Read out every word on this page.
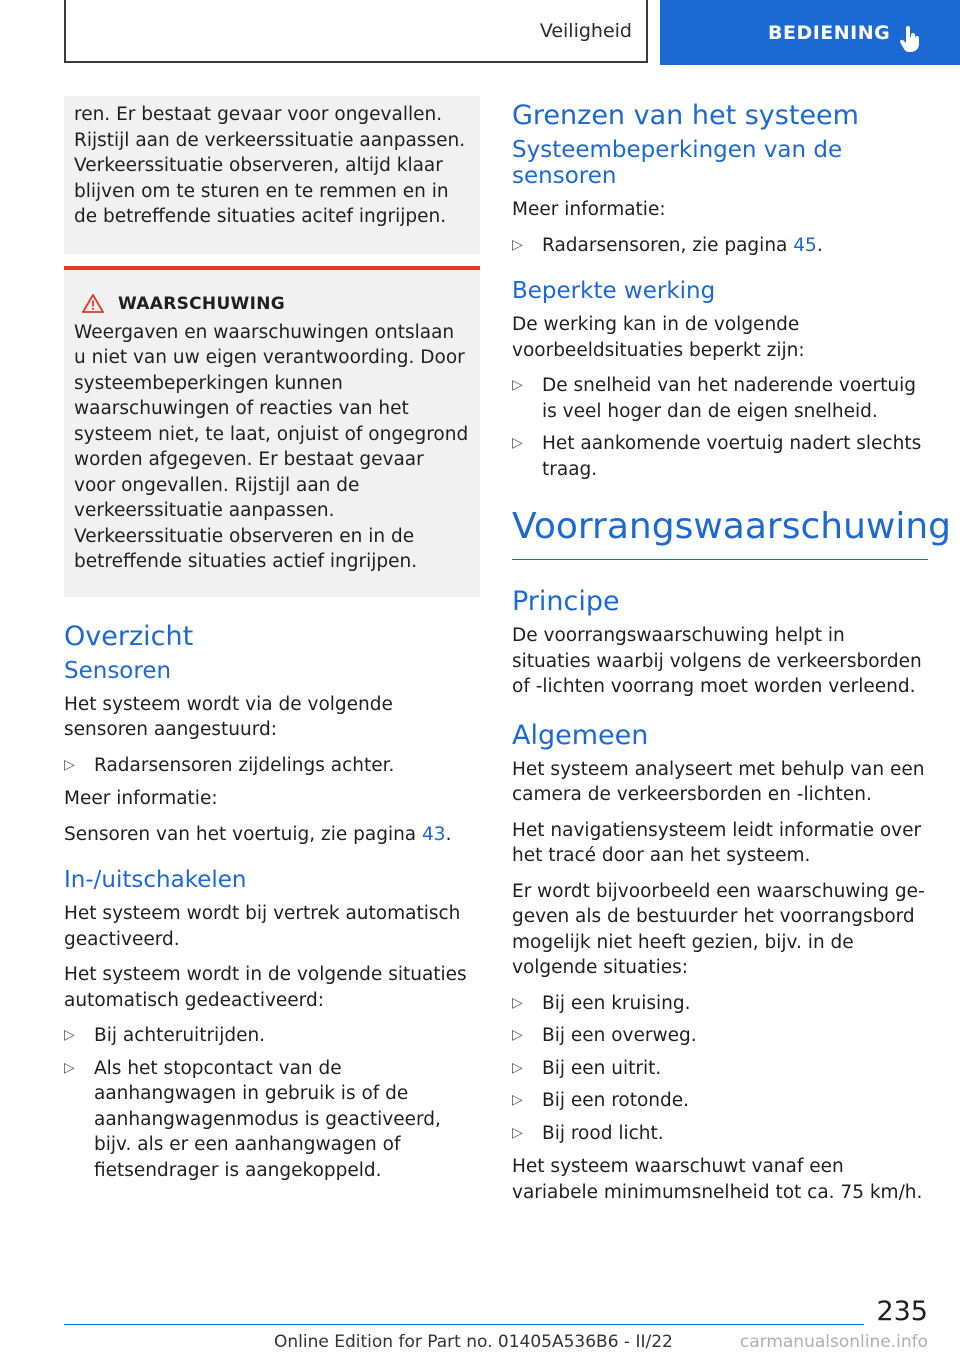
Veiligheid	BEDIENING

ren. Er bestaat gevaar voor ongevallen. Rijstijl aan de verkeerssituatie aanpassen. Verkeerssituatie observeren, altijd klaar blijven om te sturen en te remmen en in de betreffende situaties acitef ingrijpen.

WAARSCHUWING

Weergaven en waarschuwingen ontslaan u niet van uw eigen verantwoording. Door systeembeperkingen kunnen waarschuwingen of reacties van het systeem niet, te laat, onjuist of ongegrond worden afgegeven. Er bestaat gevaar voor ongevallen. Rijstijl aan de verkeerssituatie aanpassen. Verkeerssituatie observeren en in de betreffende situaties actief ingrijpen.

Overzicht
Sensoren

Het systeem wordt via de volgende sensoren aangestuurd:

▷ Radarsensoren zijdelings achter.

Meer informatie:

Sensoren van het voertuig, zie pagina 43.

In-/uitschakelen

Het systeem wordt bij vertrek automatisch geactiveerd.

Het systeem wordt in de volgende situaties automatisch gedeactiveerd:

▷ Bij achteruitrijden.
▷ Als het stopcontact van de aanhangwagen in gebruik is of de aanhangwagenmodus is geactiveerd, bijv. als er een aanhangwagen of fietsendrager is aangekoppeld.
Grenzen van het systeem
Systeembeperkingen van de sensoren

Meer informatie:

▷ Radarsensoren, zie pagina 45.
Beperkte werking

De werking kan in de volgende voorbeeldsituaties beperkt zijn:

▷ De snelheid van het naderende voertuig is veel hoger dan de eigen snelheid.
▷ Het aankomende voertuig nadert slechts traag.
Voorrangswaarschuwing
Principe

De voorrangswaarschuwing helpt in situaties waarbij volgens de verkeersborden of -lichten voorrang moet worden verleend.

Algemeen

Het systeem analyseert met behulp van een camera de verkeersborden en -lichten.

Het navigatiensysteem leidt informatie over het tracé door aan het systeem.

Er wordt bijvoorbeeld een waarschuwing gegeven als de bestuurder het voorrangsbord mogelijk niet heeft gezien, bijv. in de volgende situaties:

▷ Bij een kruising.
▷ Bij een overweg.
▷ Bij een uitrit.
▷ Bij een rotonde.
▷ Bij rood licht.

Het systeem waarschuwt vanaf een variabele minimumsnelheid tot ca. 75 km/h.

235
Online Edition for Part no. 01405A536B6 - II/22	carmanualsonline.info
